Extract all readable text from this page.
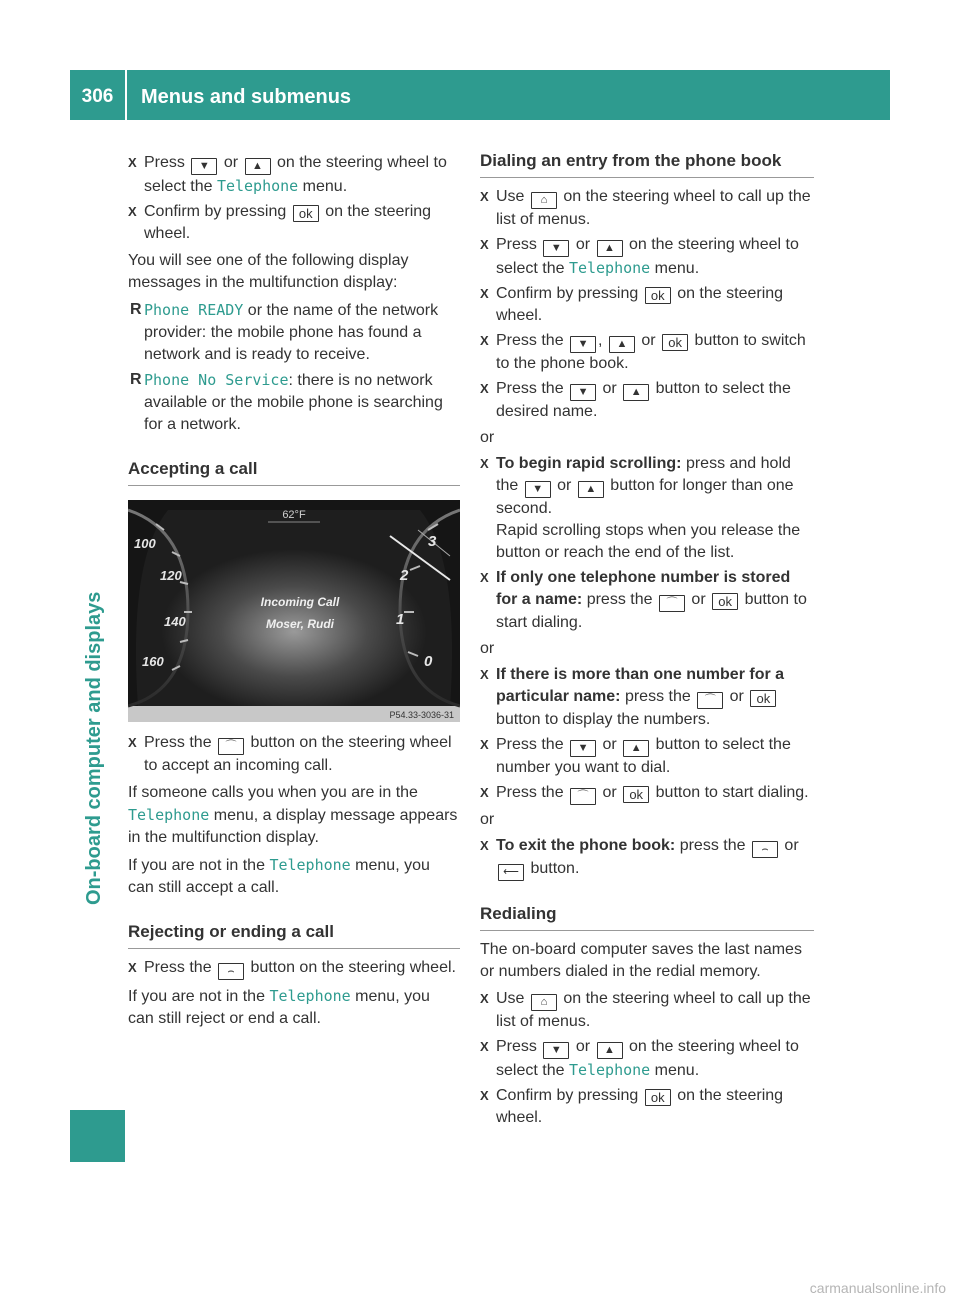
306	Menus and submenus
On-board computer and displays
X Press ▼ or ▲ on the steering wheel to select the Telephone menu.
X Confirm by pressing ok on the steering wheel.
You will see one of the following display messages in the multifunction display:
R Phone READY or the name of the network provider: the mobile phone has found a network and is ready to receive.
R Phone No Service: there is no network available or the mobile phone is searching for a network.
Accepting a call
100
120
140
160
3
2
1
0
62°F
Incoming Call
Moser, Rudi
P54.33-3036-31
X Press the ⌒ button on the steering wheel to accept an incoming call.
If someone calls you when you are in the Telephone menu, a display message appears in the multifunction display.
If you are not in the Telephone menu, you can still accept a call.
Rejecting or ending a call
X Press the ⌢ button on the steering wheel.
If you are not in the Telephone menu, you can still reject or end a call.
Dialing an entry from the phone book
X Use ⌂ on the steering wheel to call up the list of menus.
X Press ▼ or ▲ on the steering wheel to select the Telephone menu.
X Confirm by pressing ok on the steering wheel.
X Press the ▼ , ▲ or ok button to switch to the phone book.
X Press the ▼ or ▲ button to select the desired name.
or
X To begin rapid scrolling: press and hold the ▼ or ▲ button for longer than one second.
Rapid scrolling stops when you release the button or reach the end of the list.
X If only one telephone number is stored for a name: press the ⌒ or ok button to start dialing.
or
X If there is more than one number for a particular name: press the ⌒ or ok button to display the numbers.
X Press the ▼ or ▲ button to select the number you want to dial.
X Press the ⌒ or ok button to start dialing.
or
X To exit the phone book: press the ⌢ or ⟵ button.
Redialing
The on-board computer saves the last names or numbers dialed in the redial memory.
X Use ⌂ on the steering wheel to call up the list of menus.
X Press ▼ or ▲ on the steering wheel to select the Telephone menu.
X Confirm by pressing ok on the steering wheel.
carmanualsonline.info
